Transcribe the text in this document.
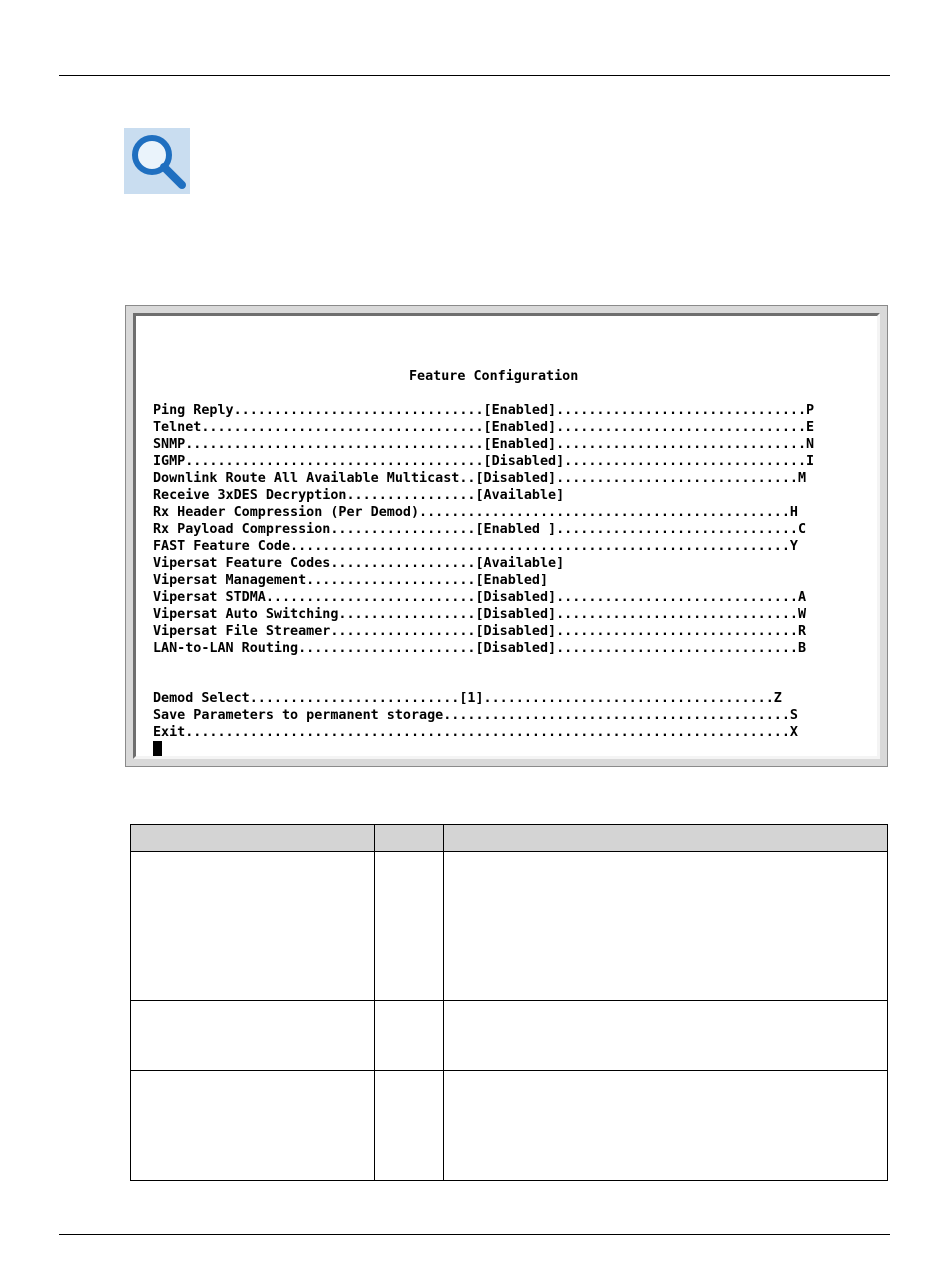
Feature Configuration
Ping Reply...............................[Enabled]...............................P
Telnet...................................[Enabled]...............................E
SNMP.....................................[Enabled]...............................N
IGMP.....................................[Disabled]..............................I
Downlink Route All Available Multicast..[Disabled]..............................M
Receive 3xDES Decryption................[Available]
Rx Header Compression (Per Demod)..............................................H
Rx Payload Compression..................[Enabled ]..............................C
FAST Feature Code..............................................................Y
Vipersat Feature Codes..................[Available]
Vipersat Management.....................[Enabled]
Vipersat STDMA..........................[Disabled]..............................A
Vipersat Auto Switching.................[Disabled]..............................W
Vipersat File Streamer..................[Disabled]..............................R
LAN-to-LAN Routing......................[Disabled]..............................B
Demod Select..........................[1]....................................Z
Save Parameters to permanent storage...........................................S
Exit...........................................................................X
